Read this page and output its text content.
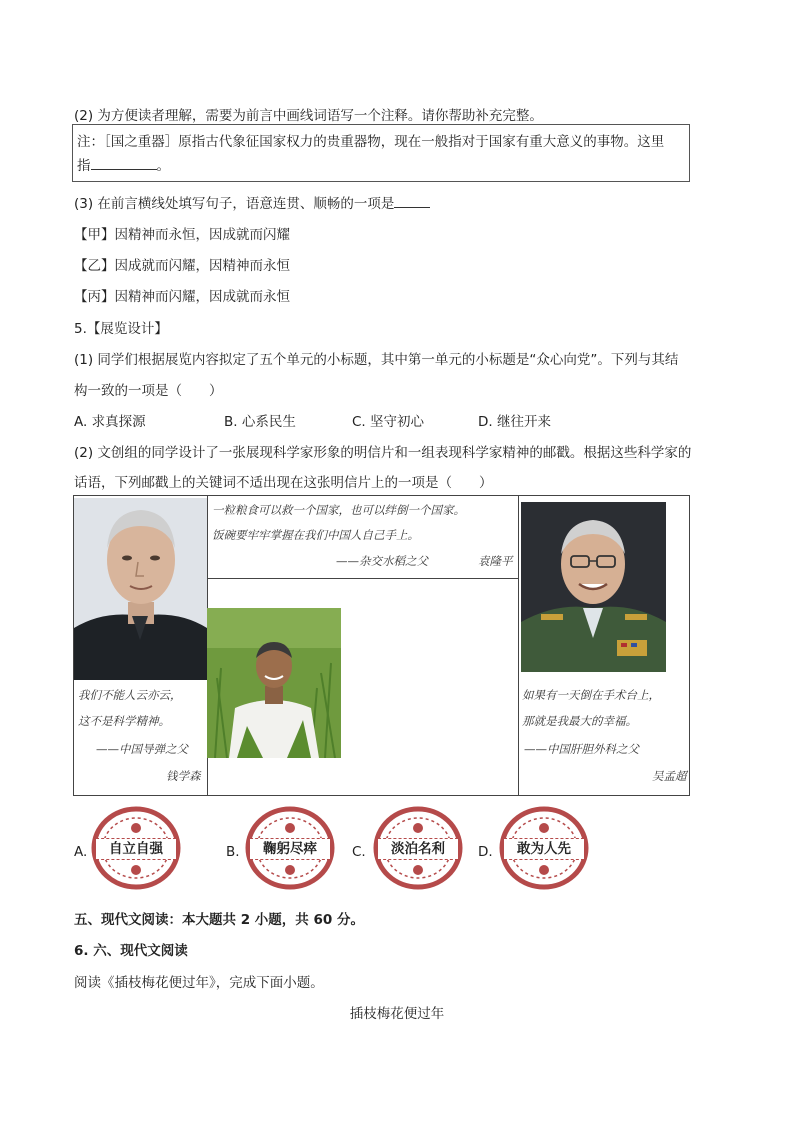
(2) 为方便读者理解，需要为前言中画线词语写一个注释。请你帮助补充完整。
注：［国之重器］原指古代象征国家权力的贵重器物，现在一般指对于国家有重大意义的事物。这里
指	。
(3) 在前言横线处填写句子，语意连贯、顺畅的一项是
【甲】因精神而永恒，因成就而闪耀
【乙】因成就而闪耀，因精神而永恒
【丙】因精神而闪耀，因成就而永恒
5.【展览设计】
(1) 同学们根据展览内容拟定了五个单元的小标题，其中第一单元的小标题是“众心向党”。下列与其结
构一致的一项是（　　）
A. 求真探源	B. 心系民生	C. 坚守初心	D. 继往开来
(2) 文创组的同学设计了一张展现科学家形象的明信片和一组表现科学家精神的邮戳。根据这些科学家的
话语，下列邮戳上的关键词不适出现在这张明信片上的一项是（　　）
一粒粮食可以救一个国家，也可以绊倒一个国家。
饭碗要牢牢掌握在我们中国人自己手上。
——杂交水稻之父	袁隆平
我们不能人云亦云，
这不是科学精神。
——中国导弹之父
钱学森
如果有一天倒在手术台上，
那就是我最大的幸福。
——中国肝胆外科之父
吴孟超
A.	自立自强	B.	鞠躬尽瘁	C.	淡泊名利	D.	敢为人先
五、现代文阅读：本大题共 2 小题，共 60 分。
6. 六、现代文阅读
阅读《插枝梅花便过年》，完成下面小题。
插枝梅花便过年
